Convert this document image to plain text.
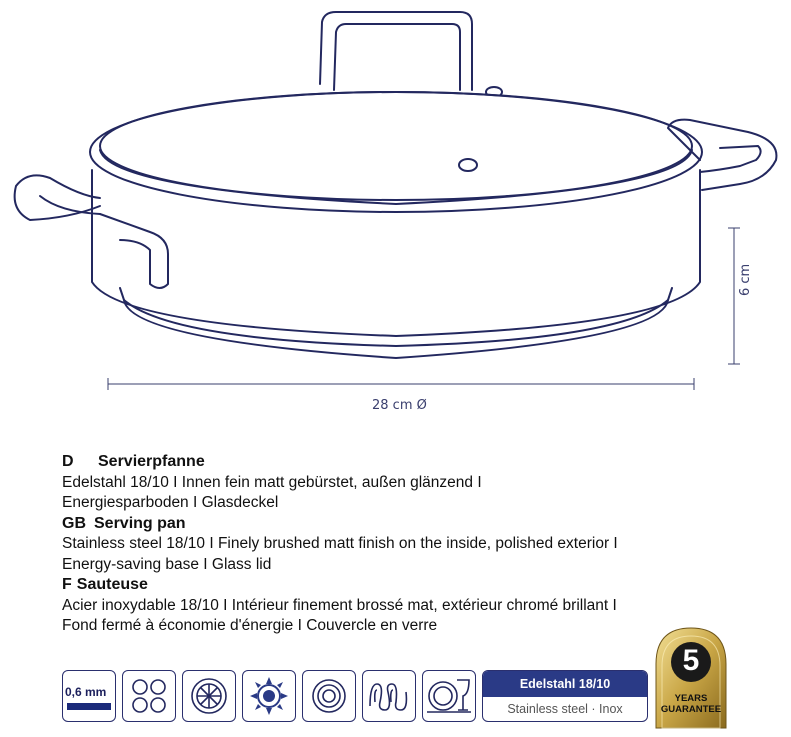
28 cm Ø
6 cm
D	Servierpfanne
Edelstahl 18/10 I Innen fein matt gebürstet, außen glänzend I
Energiesparboden I Glasdeckel
GB Serving pan
Stainless steel 18/10 I Finely brushed matt finish on the inside, polished exterior I
Energy-saving base I Glass lid
F Sauteuse
Acier inoxydable 18/10 I Intérieur finement brossé mat, extérieur chromé brillant I
Fond fermé à économie d'énergie I Couvercle en verre
0,6 mm
Edelstahl 18/10
Stainless steel · Inox
5
YEARS
GUARANTEE
